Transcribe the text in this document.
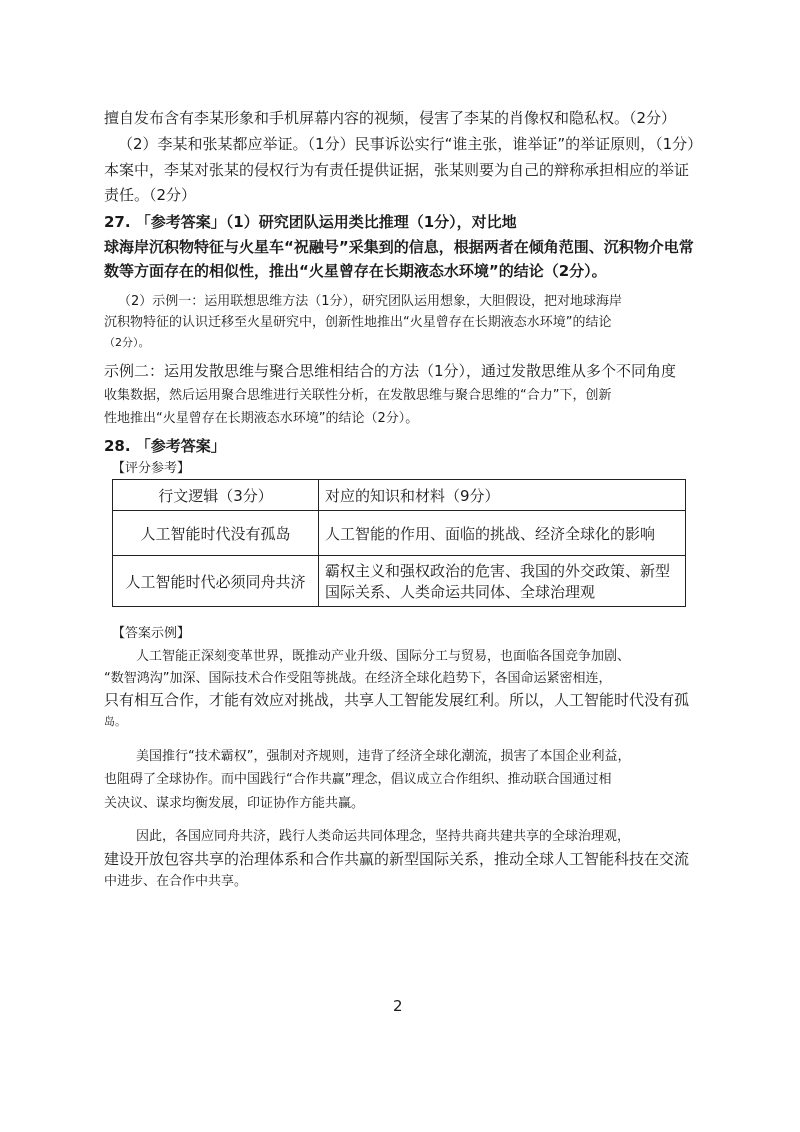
擅自发布含有李某形象和手机屏幕内容的视频，侵害了李某的肖像权和隐私权。（2分）
（2）李某和张某都应举证。（1分）民事诉讼实行“谁主张，谁举证”的举证原则，（1分）
本案中，李某对张某的侵权行为有责任提供证据，张某则要为自己的辩称承担相应的举证
责任。（2分）
27. 「参考答案」（1）研究团队运用类比推理（1分），对比地
球海岸沉积物特征与火星车“祝融号”采集到的信息，根据两者在倾角范围、沉积物介电常
数等方面存在的相似性，推出“火星曾存在长期液态水环境”的结论（2分）。
（2）示例一：运用联想思维方法（1分），研究团队运用想象，大胆假设，把对地球海岸
沉积物特征的认识迁移至火星研究中，创新性地推出“火星曾存在长期液态水环境”的结论
（2分）。
示例二：运用发散思维与聚合思维相结合的方法（1分），通过发散思维从多个不同角度
收集数据，然后运用聚合思维进行关联性分析，在发散思维与聚合思维的“合力”下，创新
性地推出“火星曾存在长期液态水环境”的结论（2分）。
28. 「参考答案」
【评分参考】
行文逻辑（3分）	对应的知识和材料（9分）
人工智能时代没有孤岛	人工智能的作用、面临的挑战、经济全球化的影响
人工智能时代必须同舟共济	霸权主义和强权政治的危害、我国的外交政策、新型国际关系、人类命运共同体、全球治理观
【答案示例】
人工智能正深刻变革世界，既推动产业升级、国际分工与贸易，也面临各国竞争加剧、
“数智鸿沟”加深、国际技术合作受阻等挑战。在经济全球化趋势下，各国命运紧密相连，
只有相互合作，才能有效应对挑战，共享人工智能发展红利。所以，人工智能时代没有孤
岛。
美国推行“技术霸权”，强制对齐规则，违背了经济全球化潮流，损害了本国企业利益，
也阻碍了全球协作。而中国践行“合作共赢”理念，倡议成立合作组织、推动联合国通过相
关决议、谋求均衡发展，印证协作方能共赢。
因此，各国应同舟共济，践行人类命运共同体理念，坚持共商共建共享的全球治理观，
建设开放包容共享的治理体系和合作共赢的新型国际关系，推动全球人工智能科技在交流
中进步、在合作中共享。
2
